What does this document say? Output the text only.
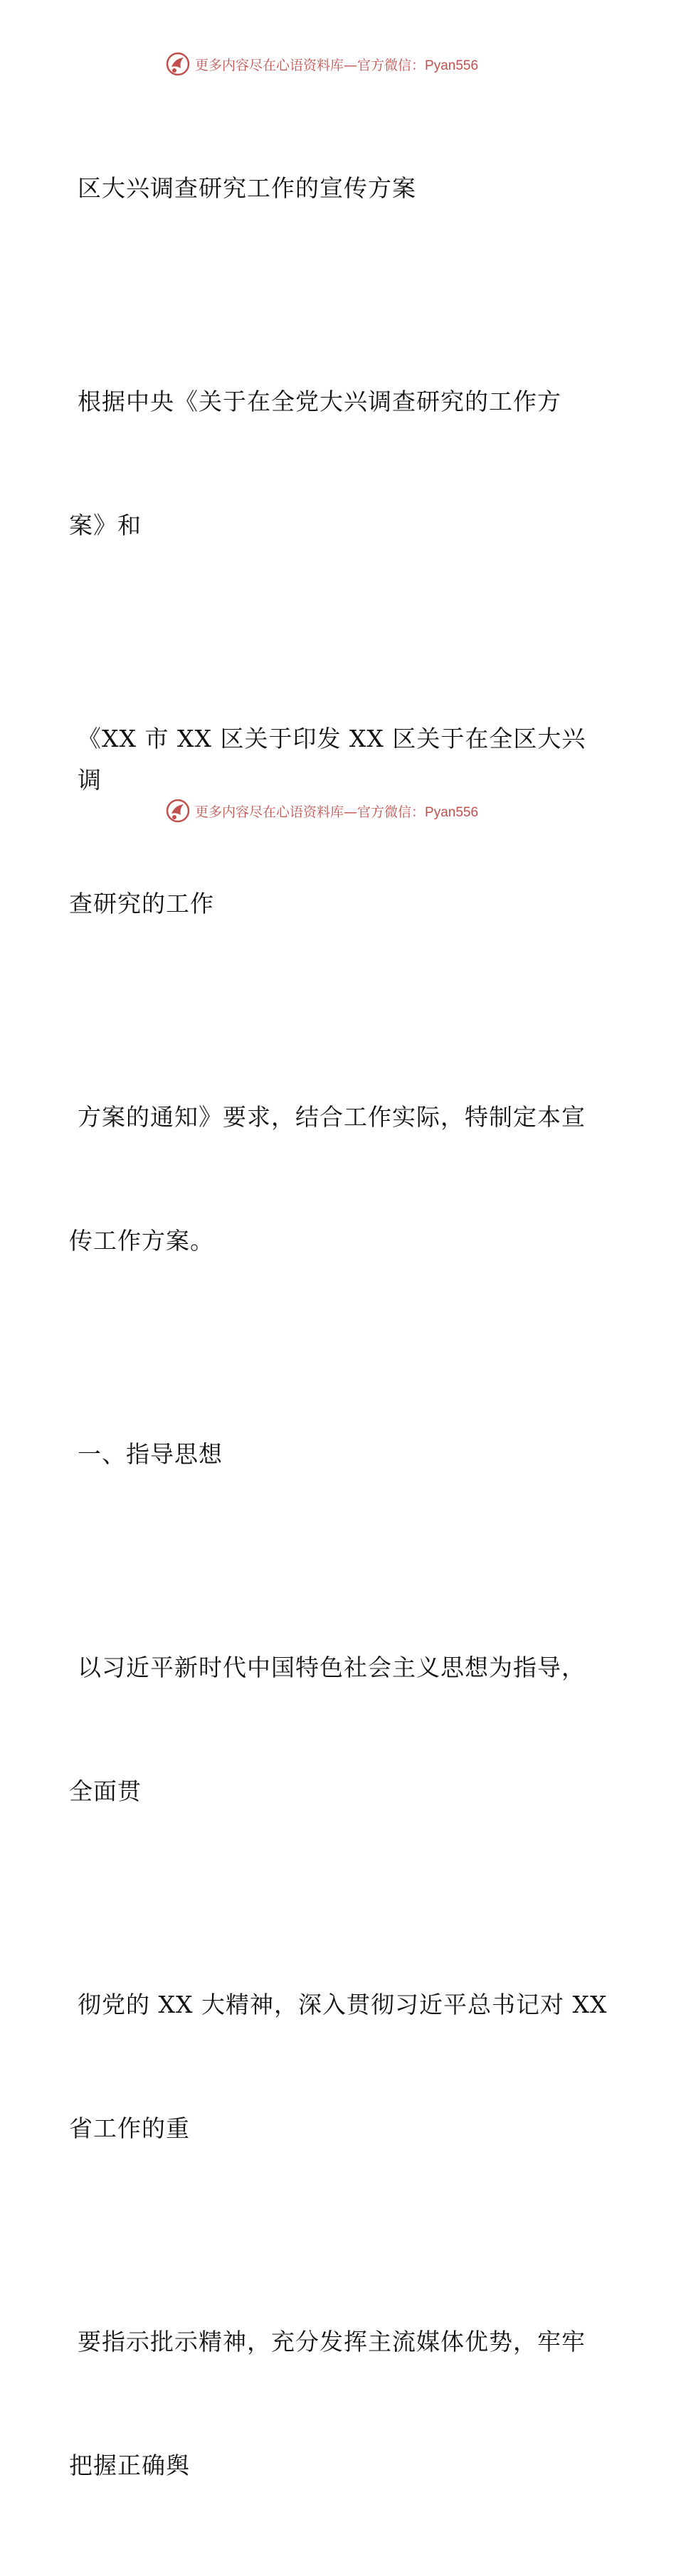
更多内容尽在心语资料库—官方微信：Pyan556

区大兴调查研究工作的宣传方案

根据中央《关于在全党大兴调查研究的工作方

案》和

《XX 市 XX 区关于印发 XX 区关于在全区大兴调

查研究的工作

方案的通知》要求，结合工作实际，特制定本宣

传工作方案。

一、指导思想

以习近平新时代中国特色社会主义思想为指导，

全面贯

彻党的 XX 大精神，深入贯彻习近平总书记对 XX

省工作的重

要指示批示精神，充分发挥主流媒体优势，牢牢

把握正确舆

更多内容尽在心语资料库—官方微信：Pyan556
